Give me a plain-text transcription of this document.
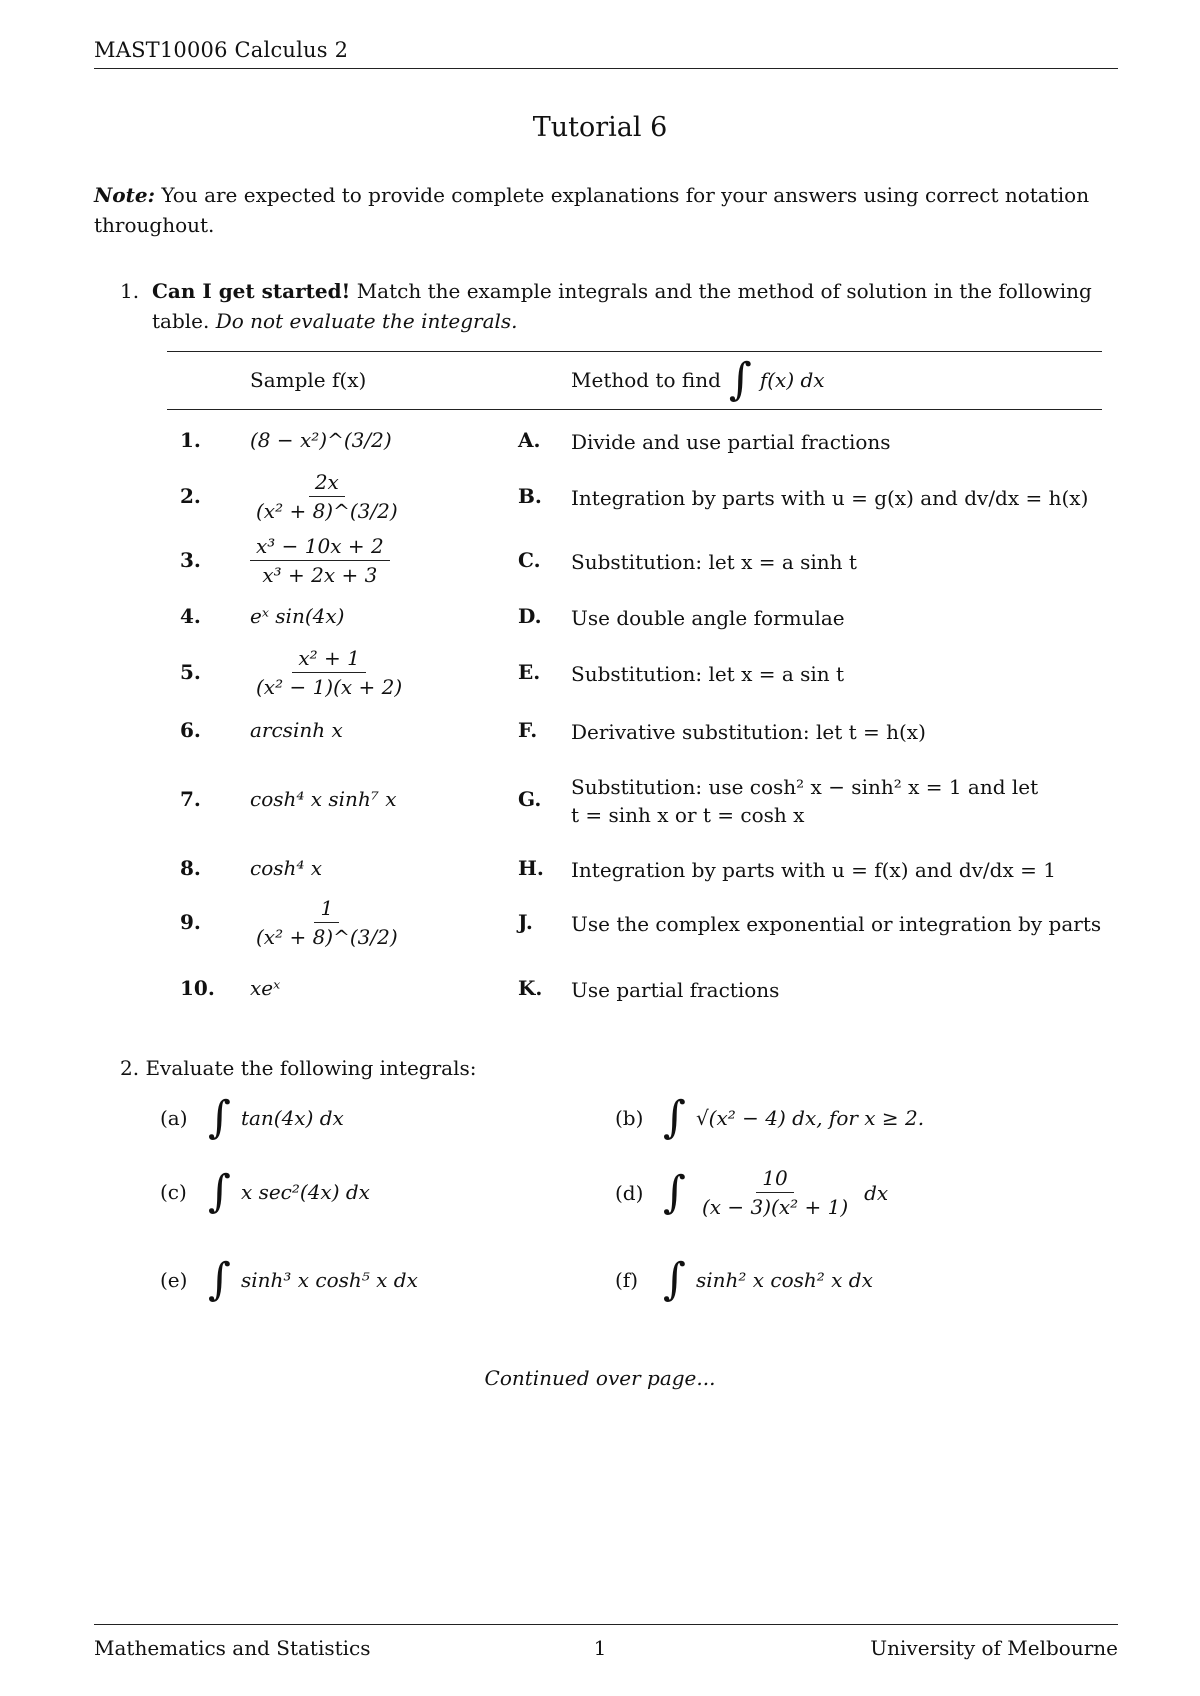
MAST10006 Calculus 2
Tutorial 6
Note: You are expected to provide complete explanations for your answers using correct notation throughout.
1. Can I get started! Match the example integrals and the method of solution in the following table. Do not evaluate the integrals.
Sample f(x)	Method to find ∫ f(x) dx
1. (8 − x²)^(3/2)	A. Divide and use partial fractions
2. $\frac{2x}{\text{(x² + 8)\textasciicircum{}(3/2)}}$	B. Integration by parts with u = g(x) and dv/dx = h(x)
3. $\frac{\text{x³ − 10x + 2}}{\text{x³ + 2x + 3}}$	C. Substitution: let x = a sinh t
4. eˣ sin(4x)	D. Use double angle formulae
5. $\frac{\text{x² + 1}}{\text{(x² − 1)(x + 2)}}$	E. Substitution: let x = a sin t
6. arcsinh x	F. Derivative substitution: let t = h(x)
7. cosh⁴ x sinh⁷ x	G. Substitution: use cosh² x − sinh² x = 1 and let t = sinh x or t = cosh x
8. cosh⁴ x	H. Integration by parts with u = f(x) and dv/dx = 1
9. $\frac{1}{\text{(x² + 8)\textasciicircum{}(3/2)}}$	J. Use the complex exponential or integration by parts
10. xeˣ	K. Use partial fractions
2. Evaluate the following integrals:
(a) ∫ tan(4x) dx	(b) ∫ √(x² − 4) dx, for x ≥ 2.
(c) ∫ x sec²(4x) dx	(d) ∫ $\frac{10}{\text{(x − 3)(x² + 1)}}$ dx
(e) ∫ sinh³ x cosh⁵ x dx	(f) ∫ sinh² x cosh² x dx
Continued over page...
Mathematics and Statistics	1	University of Melbourne
